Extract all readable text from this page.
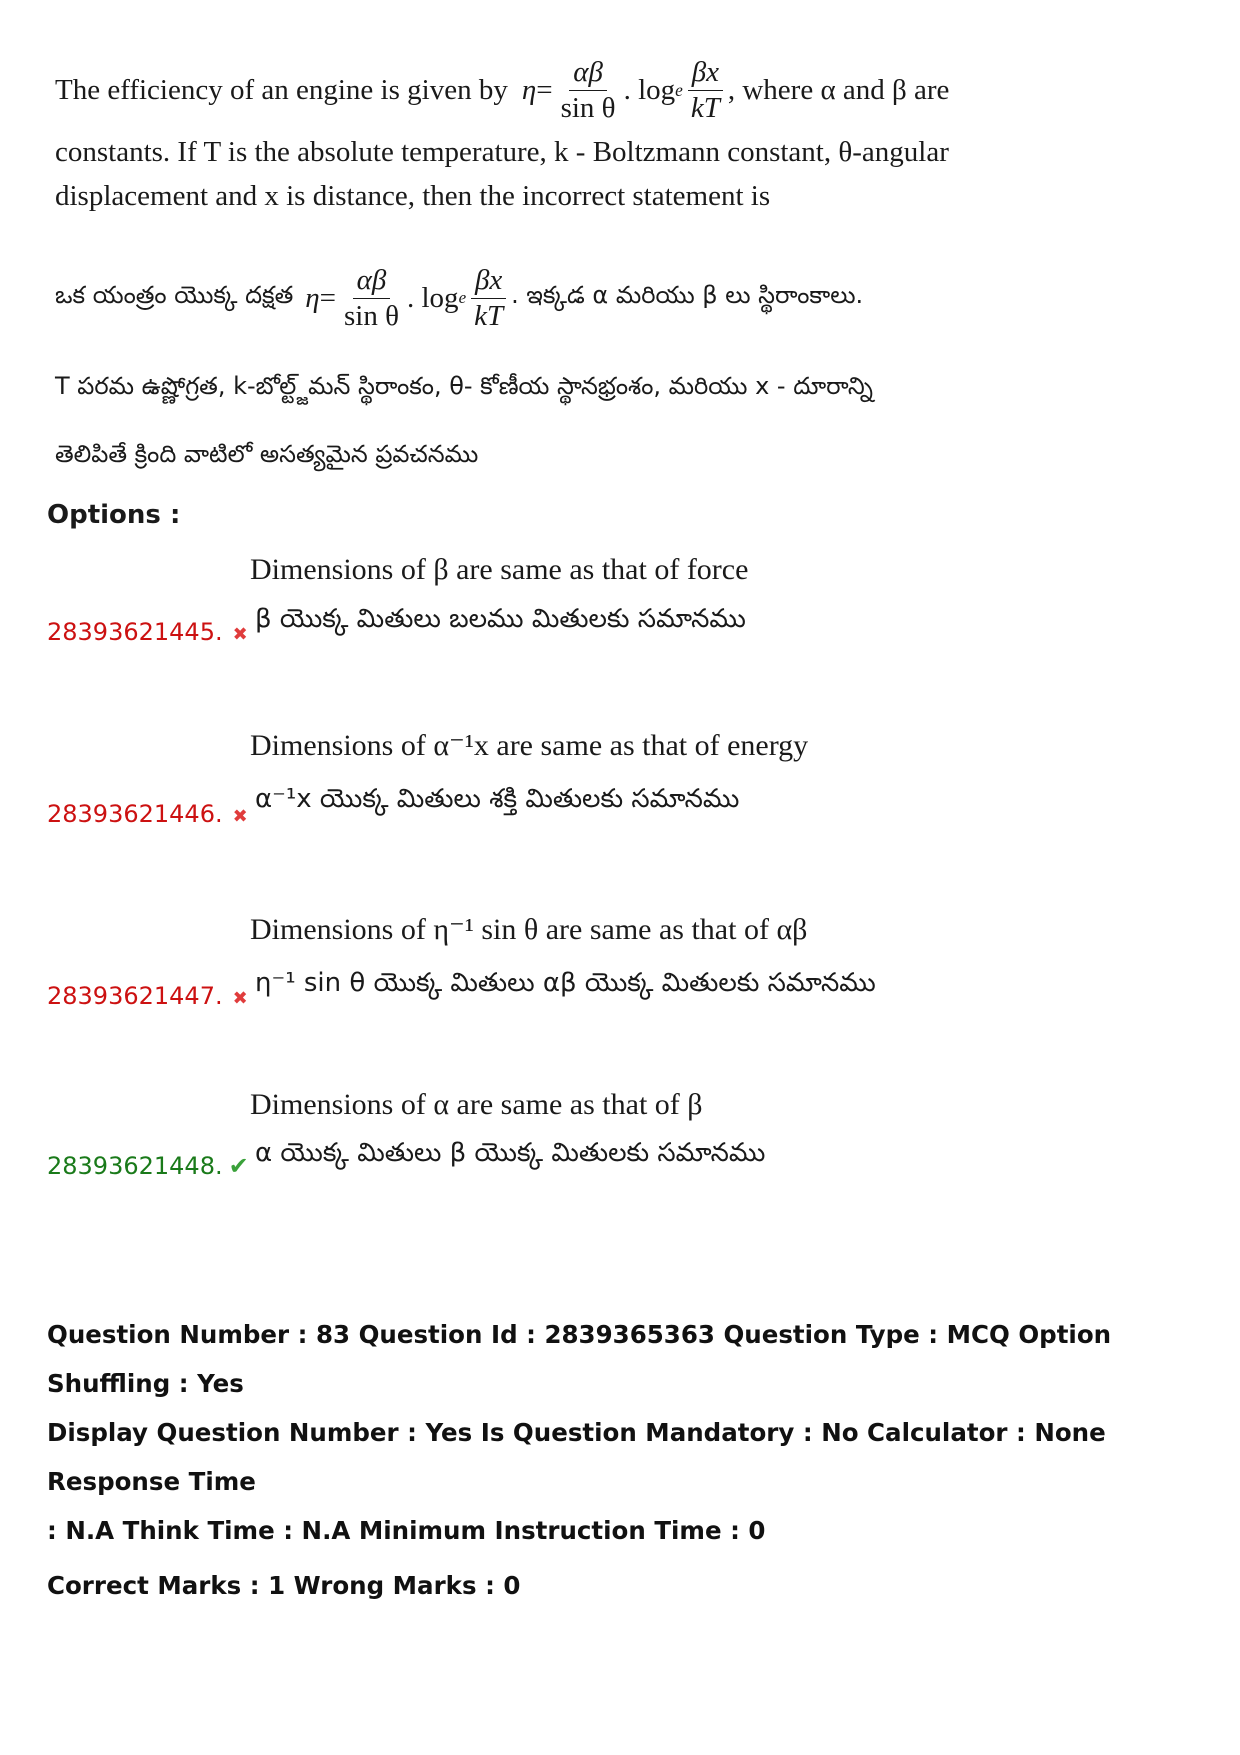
The efficiency of an engine is given by $\eta = \frac{\alpha\beta}{\text{sin θ}}$ . log e $\frac{\beta x}{kT}$ , where α and β are
constants. If T is the absolute temperature, k - Boltzmann constant, θ-angular
displacement and x is distance, then the incorrect statement is
ఒక యంత్రం యొక్క దక్షత $\eta = \frac{\alpha\beta}{\text{sin θ}}$ . log e $\frac{\beta x}{kT}$ . ఇక్కడ α మరియు β లు స్థిరాంకాలు.
T పరమ ఉష్ణోగ్రత, k-బోల్ట్జ్‌మన్ స్థిరాంకం, θ- కోణీయ స్థానభ్రంశం, మరియు x - దూరాన్ని
తెలిపితే క్రింది వాటిలో అసత్యమైన ప్రవచనము
Options :
Dimensions of β are same as that of force
β యొక్క మితులు బలము మితులకు సమానము
28393621445. ✖
Dimensions of α⁻¹x are same as that of energy
α⁻¹x యొక్క మితులు శక్తి మితులకు సమానము
28393621446. ✖
Dimensions of η⁻¹ sin θ are same as that of αβ
η⁻¹ sin θ యొక్క మితులు αβ యొక్క మితులకు సమానము
28393621447. ✖
Dimensions of α are same as that of β
α యొక్క మితులు β యొక్క మితులకు సమానము
28393621448. ✔
Question Number : 83 Question Id : 2839365363 Question Type : MCQ Option Shuffling : Yes
Display Question Number : Yes Is Question Mandatory : No Calculator : None Response Time
: N.A Think Time : N.A Minimum Instruction Time : 0
Correct Marks : 1 Wrong Marks : 0
